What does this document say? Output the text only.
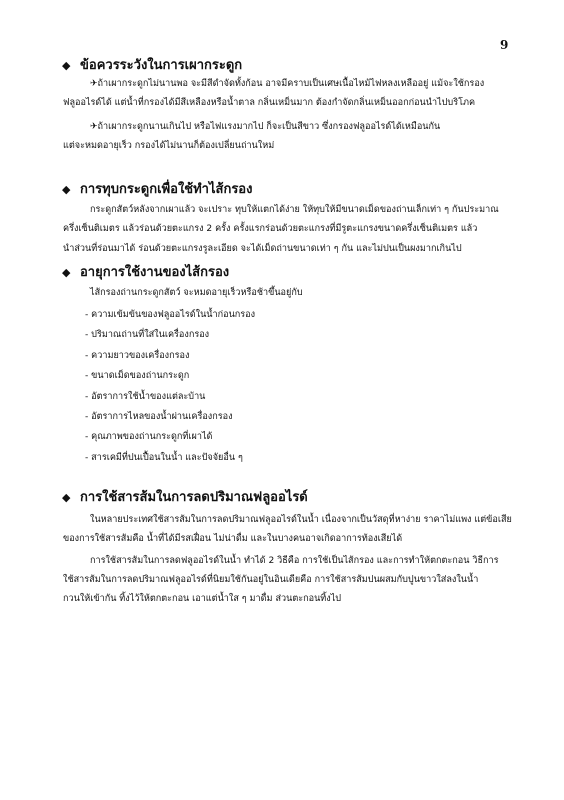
9
◆ ข้อควรระวังในการเผากระดูก
✈ถ้าเผากระดูกไม่นานพอ จะมีสีดำจัดทั้งก้อน อาจมีคราบเป็นเศษเนื้อไหม้ไฟหลงเหลืออยู่ แม้จะใช้กรอง
ฟลูออไรด์ได้ แต่น้ำที่กรองได้มีสีเหลืองหรือน้ำตาล กลิ่นเหม็นมาก ต้องกำจัดกลิ่นเหม็นออกก่อนนำไปบริโภค
✈ถ้าเผากระดูกนานเกินไป หรือไฟแรงมากไป ก็จะเป็นสีขาว ซึ่งกรองฟลูออไรด์ได้เหมือนกัน
แต่จะหมดอายุเร็ว กรองได้ไม่นานก็ต้องเปลี่ยนถ่านใหม่
◆ การทุบกระดูกเพื่อใช้ทำไส้กรอง
กระดูกสัตว์หลังจากเผาแล้ว จะเปราะ ทุบให้แตกได้ง่าย ให้ทุบให้มีขนาดเม็ดของถ่านเล็กเท่า ๆ กันประมาณ
ครึ่งเซ็นติเมตร แล้วร่อนด้วยตะแกรง 2 ครั้ง ครั้งแรกร่อนด้วยตะแกรงที่มีรูตะแกรงขนาดครึ่งเซ็นติเมตร แล้ว
นำส่วนที่ร่อนมาได้ ร่อนด้วยตะแกรงรูละเอียด จะได้เม็ดถ่านขนาดเท่า ๆ กัน และไม่ปนเป็นผงมากเกินไป
◆ อายุการใช้งานของไส้กรอง
ไส้กรองถ่านกระดูกสัตว์ จะหมดอายุเร็วหรือช้าขึ้นอยู่กับ
- ความเข้มข้นของฟลูออไรด์ในน้ำก่อนกรอง
- ปริมาณถ่านที่ใส่ในเครื่องกรอง
- ความยาวของเครื่องกรอง
- ขนาดเม็ดของถ่านกระดูก
- อัตราการใช้น้ำของแต่ละบ้าน
- อัตราการไหลของน้ำผ่านเครื่องกรอง
- คุณภาพของถ่านกระดูกที่เผาได้
- สารเคมีที่ปนเปื้อนในน้ำ และปัจจัยอื่น ๆ
◆ การใช้สารส้มในการลดปริมาณฟลูออไรด์
ในหลายประเทศใช้สารส้มในการลดปริมาณฟลูออไรด์ในน้ำ เนื่องจากเป็นวัสดุที่หาง่าย ราคาไม่แพง แต่ข้อเสีย
ของการใช้สารส้มคือ น้ำที่ได้มีรสเฝื่อน ไม่น่าดื่ม และในบางคนอาจเกิดอาการท้องเสียได้
การใช้สารส้มในการลดฟลูออไรด์ในน้ำ ทำได้ 2 วิธีคือ การใช้เป็นไส้กรอง และการทำให้ตกตะกอน วิธีการ
ใช้สารส้มในการลดปริมาณฟลูออไรด์ที่นิยมใช้กันอยู่ในอินเดียคือ การใช้สารส้มปนผสมกับปูนขาวใส่ลงในน้ำ
กวนให้เข้ากัน ทิ้งไว้ให้ตกตะกอน เอาแต่น้ำใส ๆ มาดื่ม ส่วนตะกอนทิ้งไป
